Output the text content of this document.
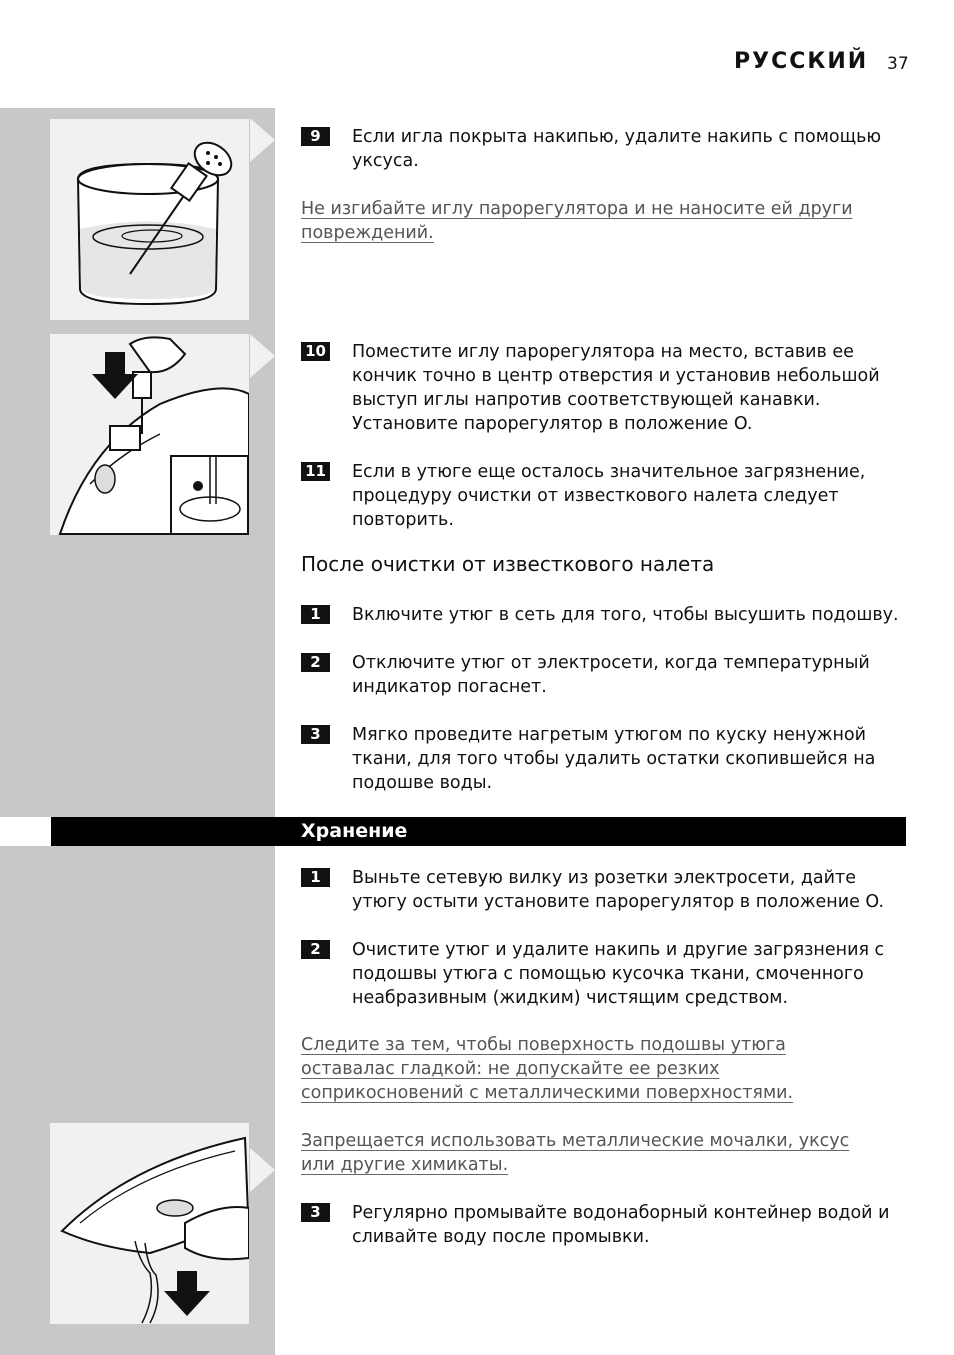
РУССКИЙ 37
9	Если игла покрыта накипью, удалите накипь с помощью уксуса.
Не изгибайте иглу парорегулятора и не наносите ей други повреждений.
10 Поместите иглу парорегулятора на место, вставив ее кончик точно в центр отверстия и установив небольшой выступ иглы напротив соответствующей канавки. Установите парорегулятор в положение O.
11 Если в утюге еще осталось значительное загрязнение, процедуру очистки от известкового налета следует повторить.
После очистки от известкового налета
1	Включите утюг в сеть для того, чтобы высушить подошву.
2	Отключите утюг от электросети, когда температурный индикатор погаснет.
3	Мягко проведите нагретым утюгом по куску ненужной ткани, для того чтобы удалить остатки скопившейся на подошве воды.
Хранение
1	Выньте сетевую вилку из розетки электросети, дайте утюгу остыти установите парорегулятор в положение O.
2	Очистите утюг и удалите накипь и другие загрязнения с подошвы утюга с помощью кусочка ткани, смоченного неабразивным (жидким) чистящим средством.
Следите за тем, чтобы поверхность подошвы утюга оставалас гладкой: не допускайте ее резких соприкосновений с металлическими поверхностями.
Запрещается использовать металлические мочалки, уксус или другие химикаты.
3	Регулярно промывайте водонаборный контейнер водой и сливайте воду после промывки.
